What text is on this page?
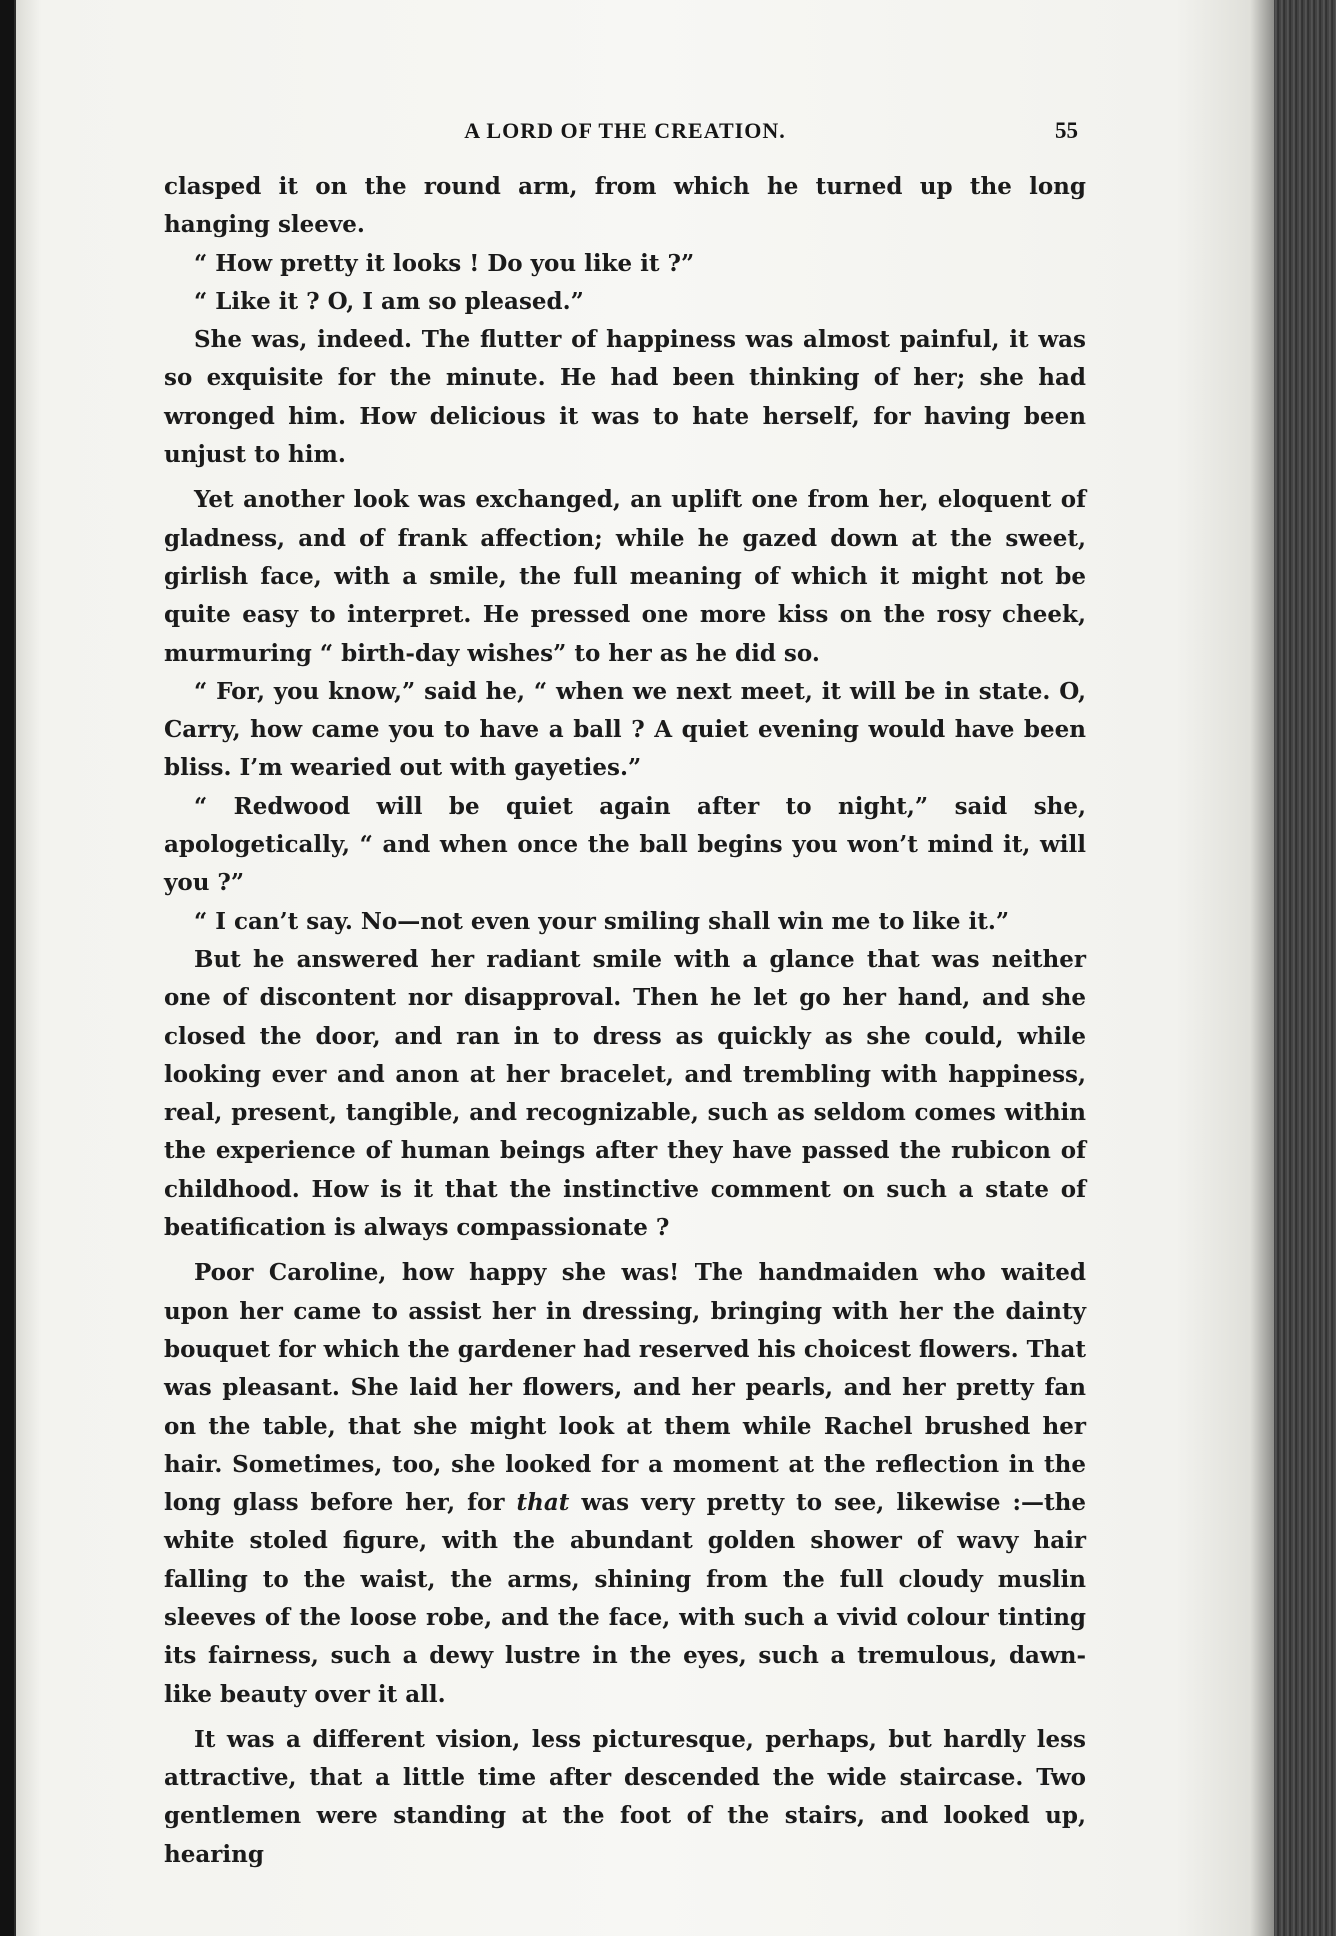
A LORD OF THE CREATION.	55

clasped it on the round arm, from which he turned up the long hanging sleeve.

“ How pretty it looks ! Do you like it ?”

“ Like it ? O, I am so pleased.”

She was, indeed. The flutter of happiness was almost painful, it was so exquisite for the minute. He had been thinking of her; she had wronged him. How delicious it was to hate herself, for having been unjust to him.

Yet another look was exchanged, an uplift one from her, eloquent of gladness, and of frank affection; while he gazed down at the sweet, girlish face, with a smile, the full meaning of which it might not be quite easy to interpret. He pressed one more kiss on the rosy cheek, murmuring “ birth-day wishes” to her as he did so.

“ For, you know,” said he, “ when we next meet, it will be in state. O, Carry, how came you to have a ball ? A quiet evening would have been bliss. I’m wearied out with gayeties.”

“ Redwood will be quiet again after to night,” said she, apologetically, “ and when once the ball begins you won’t mind it, will you ?”

“ I can’t say. No—not even your smiling shall win me to like it.”

But he answered her radiant smile with a glance that was neither one of discontent nor disapproval. Then he let go her hand, and she closed the door, and ran in to dress as quickly as she could, while looking ever and anon at her bracelet, and trembling with happiness, real, present, tangible, and recognizable, such as seldom comes within the experience of human beings after they have passed the rubicon of childhood. How is it that the instinctive comment on such a state of beatification is always compassionate ?

Poor Caroline, how happy she was! The handmaiden who waited upon her came to assist her in dressing, bringing with her the dainty bouquet for which the gardener had reserved his choicest flowers. That was pleasant. She laid her flowers, and her pearls, and her pretty fan on the table, that she might look at them while Rachel brushed her hair. Sometimes, too, she looked for a moment at the reflection in the long glass before her, for that was very pretty to see, likewise :—the white stoled figure, with the abundant golden shower of wavy hair falling to the waist, the arms, shining from the full cloudy muslin sleeves of the loose robe, and the face, with such a vivid colour tinting its fairness, such a dewy lustre in the eyes, such a tremulous, dawn-like beauty over it all.

It was a different vision, less picturesque, perhaps, but hardly less attractive, that a little time after descended the wide staircase. Two gentlemen were standing at the foot of the stairs, and looked up, hearing
